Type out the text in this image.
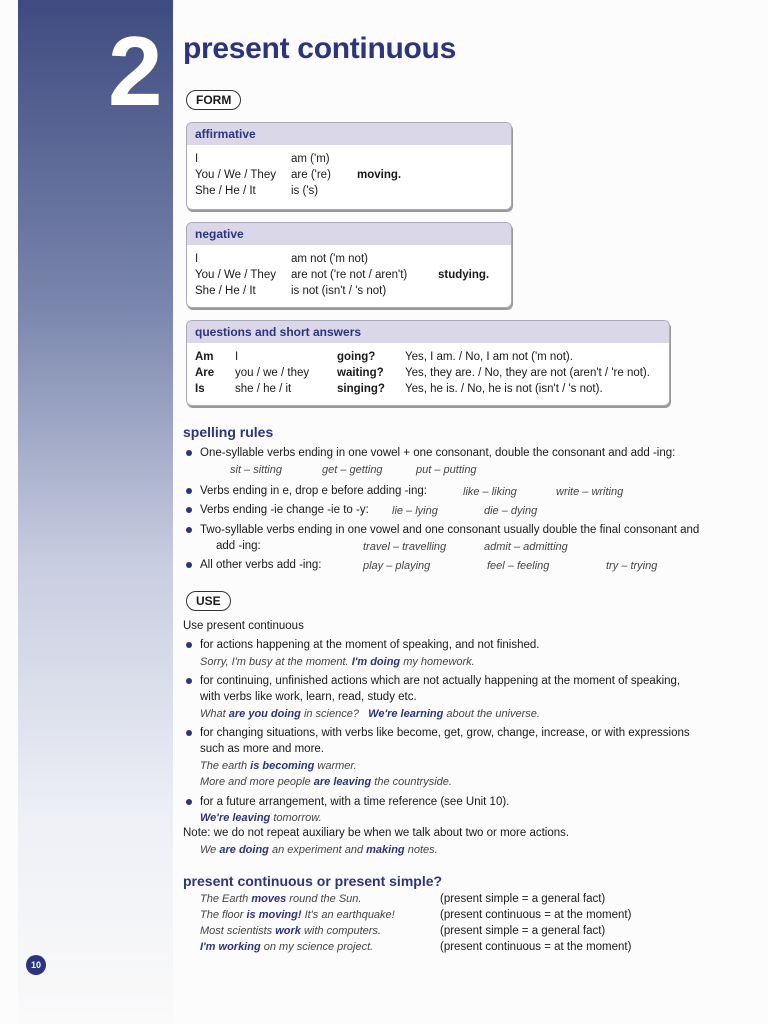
2 present continuous
FORM
affirmative
I	am ('m)
You / We / They are ('re) moving.
She / He / It	is ('s)
negative
I	am not ('m not)
You / We / They are not ('re not / aren't)	studying.
She / He / It	is not (isn't / 's not)
questions and short answers
Am I	going?	Yes, I am. / No, I am not ('m not).
Are you / we / they waiting? Yes, they are. / No, they are not (aren't / 're not).
Is	she / he / it	singing? Yes, he is. / No, he is not (isn't / 's not).
spelling rules
One-syllable verbs ending in one vowel + one consonant, double the consonant and add -ing:
sit – sitting	get – getting	put – putting
Verbs ending in e, drop e before adding -ing:	like – liking	write – writing
Verbs ending -ie change -ie to -y: lie – lying	die – dying
Two-syllable verbs ending in one vowel and one consonant usually double the final consonant and
add -ing:	travel – travelling	admit – admitting
All other verbs add -ing:	play – playing	feel – feeling	try – trying
USE
Use present continuous
for actions happening at the moment of speaking, and not finished.
Sorry, I'm busy at the moment. I'm doing my homework.
for continuing, unfinished actions which are not actually happening at the moment of speaking,
with verbs like work, learn, read, study etc.
What are you doing in science? We're learning about the universe.
for changing situations, with verbs like become, get, grow, change, increase, or with expressions
such as more and more.
The earth is becoming warmer.
More and more people are leaving the countryside.
for a future arrangement, with a time reference (see Unit 10).
We're leaving tomorrow.
Note: we do not repeat auxiliary be when we talk about two or more actions.
We are doing an experiment and making notes.
present continuous or present simple?
The Earth moves round the Sun.	(present simple = a general fact)
The floor is moving! It's an earthquake!	(present continuous = at the moment)
Most scientists work with computers.	(present simple = a general fact)
I'm working on my science project.	(present continuous = at the moment)
10
